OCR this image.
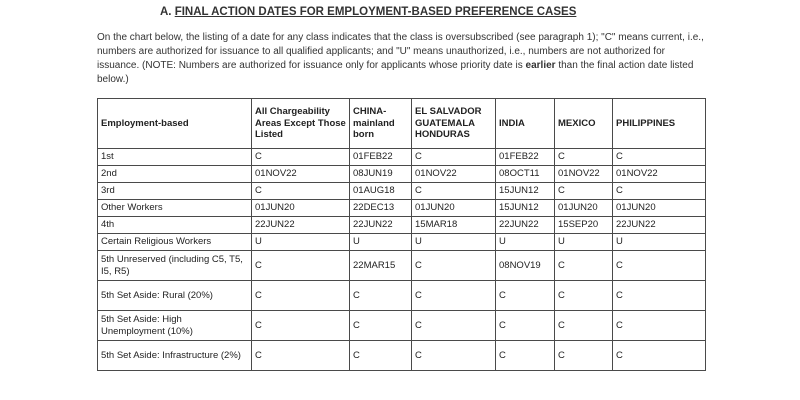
A. FINAL ACTION DATES FOR EMPLOYMENT-BASED PREFERENCE CASES

On the chart below, the listing of a date for any class indicates that the class is oversubscribed (see paragraph 1); "C" means current, i.e., numbers are authorized for issuance to all qualified applicants; and "U" means unauthorized, i.e., numbers are not authorized for issuance. (NOTE: Numbers are authorized for issuance only for applicants whose priority date is earlier than the final action date listed below.)

Employment-based	All Chargeability Areas Except Those Listed	CHINA-mainland born	EL SALVADOR GUATEMALA HONDURAS	INDIA	MEXICO	PHILIPPINES
1st	C	01FEB22	C	01FEB22	C	C
2nd	01NOV22	08JUN19	01NOV22	08OCT11	01NOV22	01NOV22
3rd	C	01AUG18	C	15JUN12	C	C
Other Workers	01JUN20	22DEC13	01JUN20	15JUN12	01JUN20	01JUN20
4th	22JUN22	22JUN22	15MAR18	22JUN22	15SEP20	22JUN22
Certain Religious Workers	U	U	U	U	U	U
5th Unreserved (including C5, T5, I5, R5)	C	22MAR15	C	08NOV19	C	C
5th Set Aside: Rural (20%)	C	C	C	C	C	C
5th Set Aside: High Unemployment (10%)	C	C	C	C	C	C
5th Set Aside: Infrastructure (2%)	C	C	C	C	C	C
